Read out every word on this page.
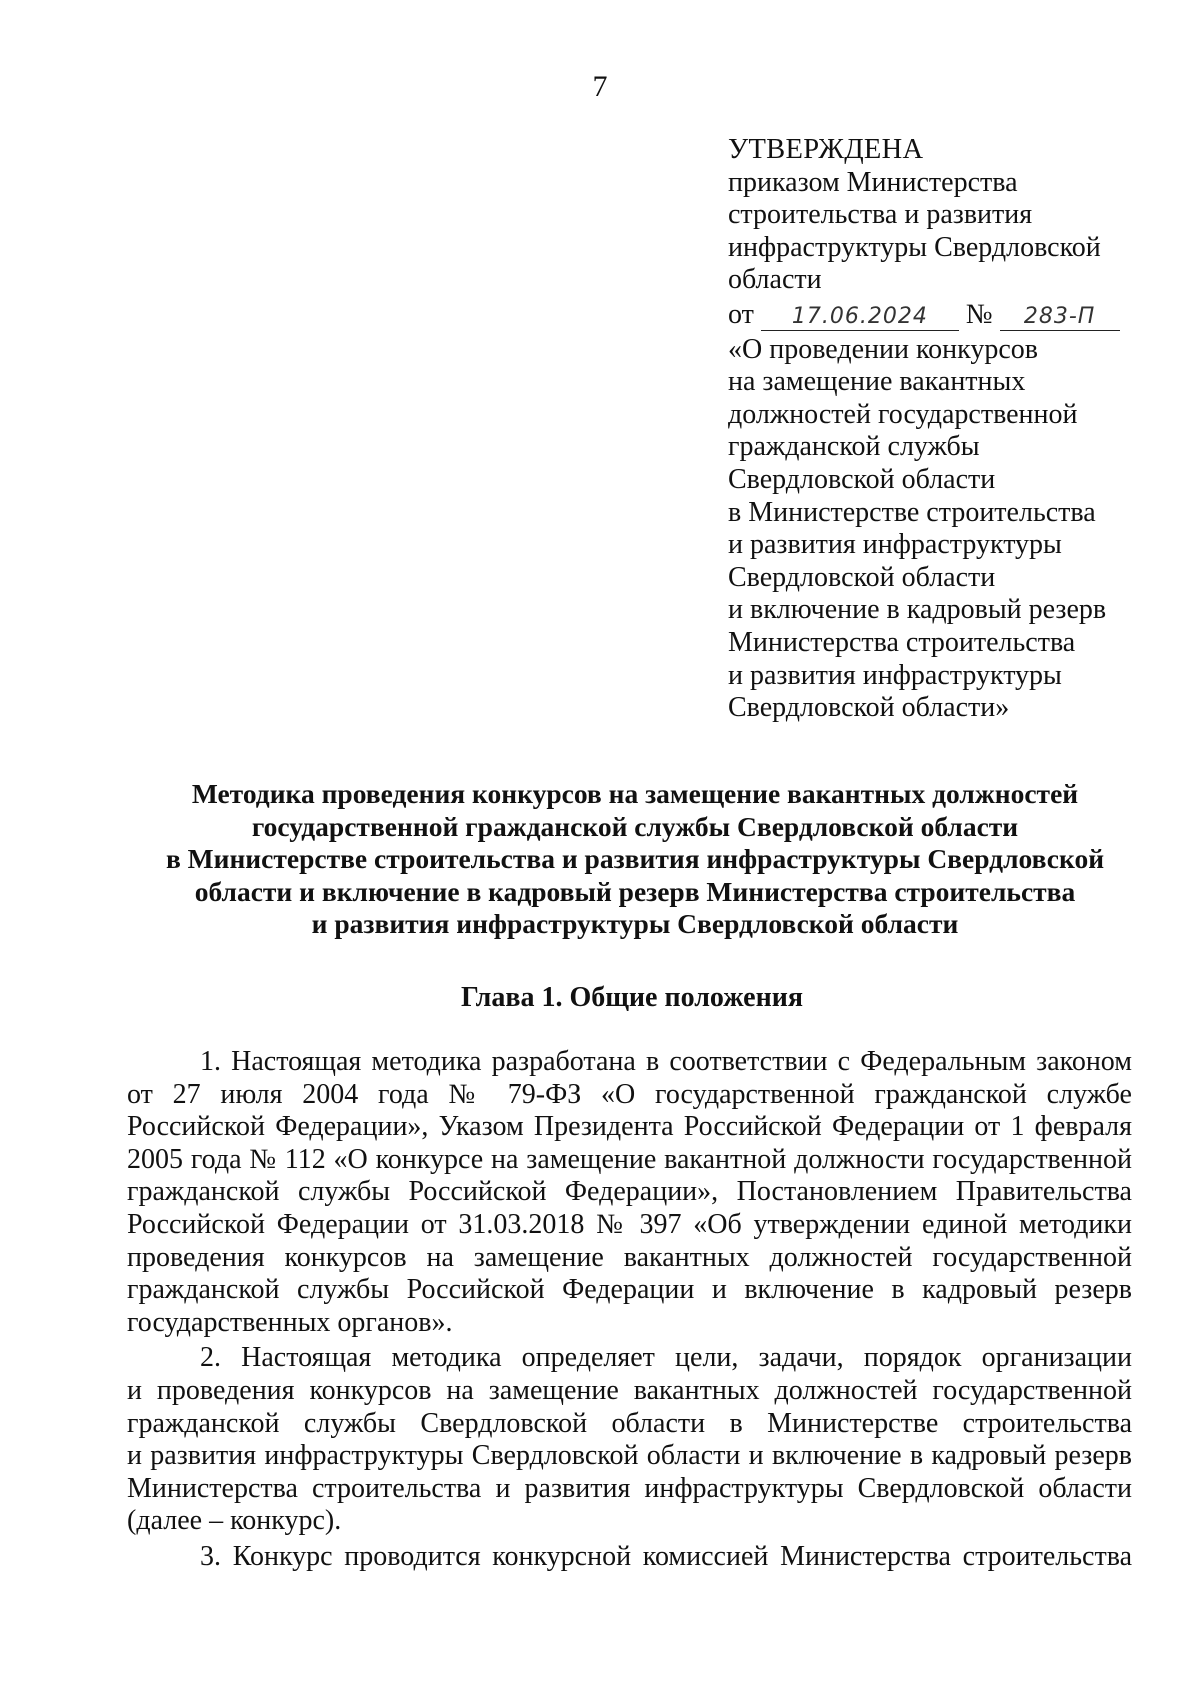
7
УТВЕРЖДЕНА
приказом Министерства
строительства и развития
инфраструктуры Свердловской
области
от 17.06.2024 № 283-П
«О проведении конкурсов
на замещение вакантных
должностей государственной
гражданской службы
Свердловской области
в Министерстве строительства
и развития инфраструктуры
Свердловской области
и включение в кадровый резерв
Министерства строительства
и развития инфраструктуры
Свердловской области»
Методика проведения конкурсов на замещение вакантных должностей
государственной гражданской службы Свердловской области
в Министерстве строительства и развития инфраструктуры Свердловской
области и включение в кадровый резерв Министерства строительства
и развития инфраструктуры Свердловской области
Глава 1. Общие положения
1. Настоящая методика разработана в соответствии с Федеральным законом
от 27 июля 2004 года № 79-ФЗ «О государственной гражданской службе
Российской Федерации», Указом Президента Российской Федерации от 1 февраля
2005 года № 112 «О конкурсе на замещение вакантной должности государственной
гражданской службы Российской Федерации», Постановлением Правительства
Российской Федерации от 31.03.2018 № 397 «Об утверждении единой методики
проведения конкурсов на замещение вакантных должностей государственной
гражданской службы Российской Федерации и включение в кадровый резерв
государственных органов».
2. Настоящая методика определяет цели, задачи, порядок организации
и проведения конкурсов на замещение вакантных должностей государственной
гражданской службы Свердловской области в Министерстве строительства
и развития инфраструктуры Свердловской области и включение в кадровый резерв
Министерства строительства и развития инфраструктуры Свердловской области
(далее – конкурс).
3. Конкурс проводится конкурсной комиссией Министерства строительства
